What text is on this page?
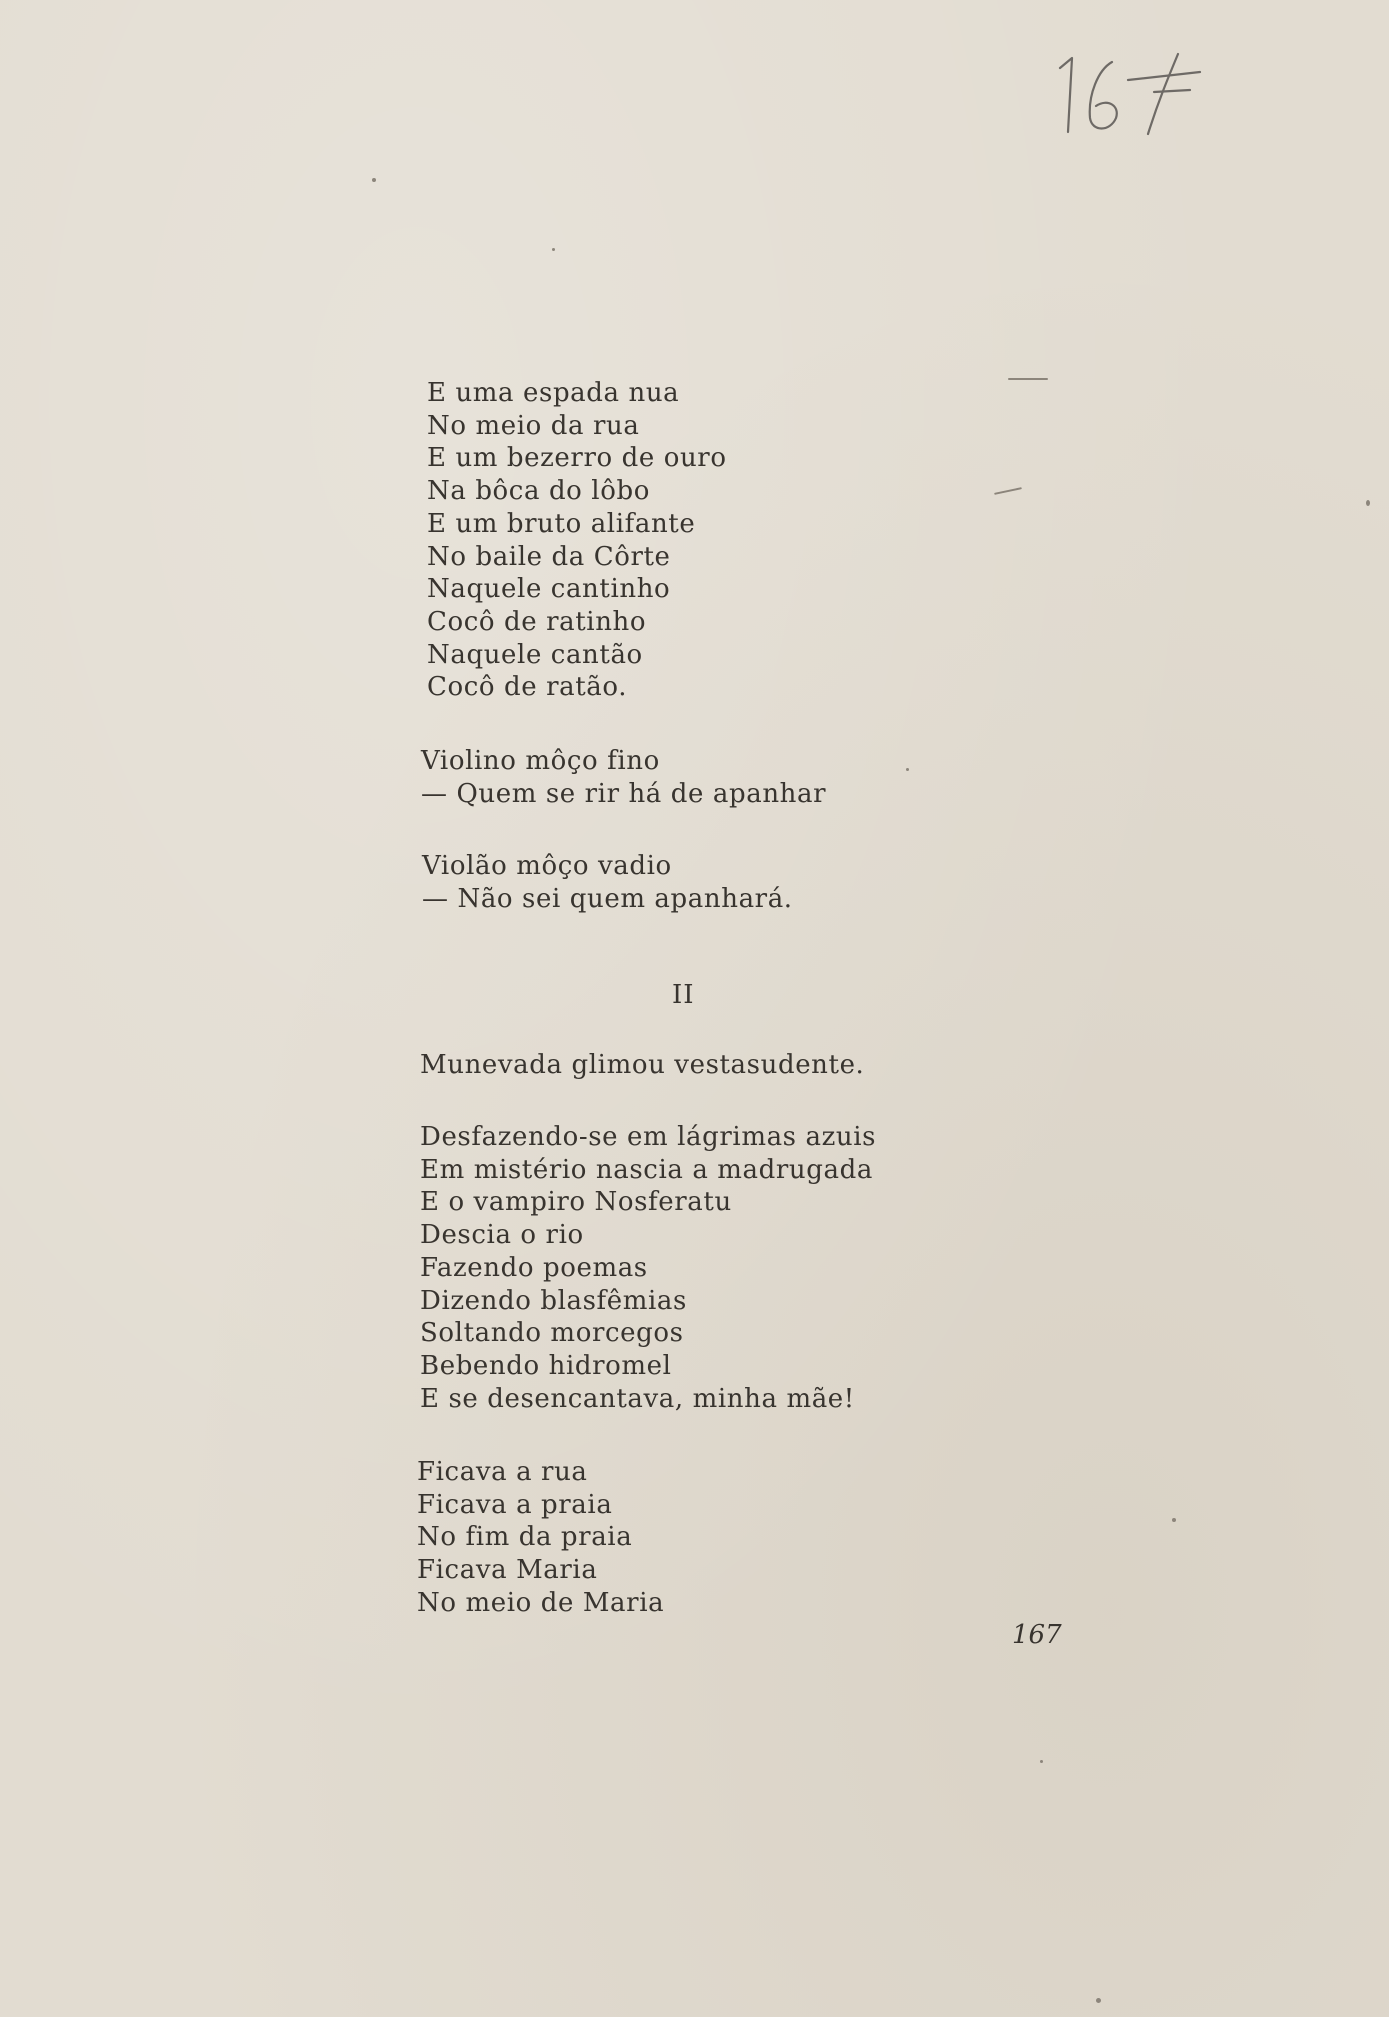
E uma espada nua
No meio da rua
E um bezerro de ouro
Na bôca do lôbo
E um bruto alifante
No baile da Côrte
Naquele cantinho
Cocô de ratinho
Naquele cantão
Cocô de ratão.
Violino môço fino
— Quem se rir há de apanhar
Violão môço vadio
— Não sei quem apanhará.
II
Munevada glimou vestasudente.
Desfazendo-se em lágrimas azuis
Em mistério nascia a madrugada
E o vampiro Nosferatu
Descia o rio
Fazendo poemas
Dizendo blasfêmias
Soltando morcegos
Bebendo hidromel
E se desencantava, minha mãe!
Ficava a rua
Ficava a praia
No fim da praia
Ficava Maria
No meio de Maria
167
